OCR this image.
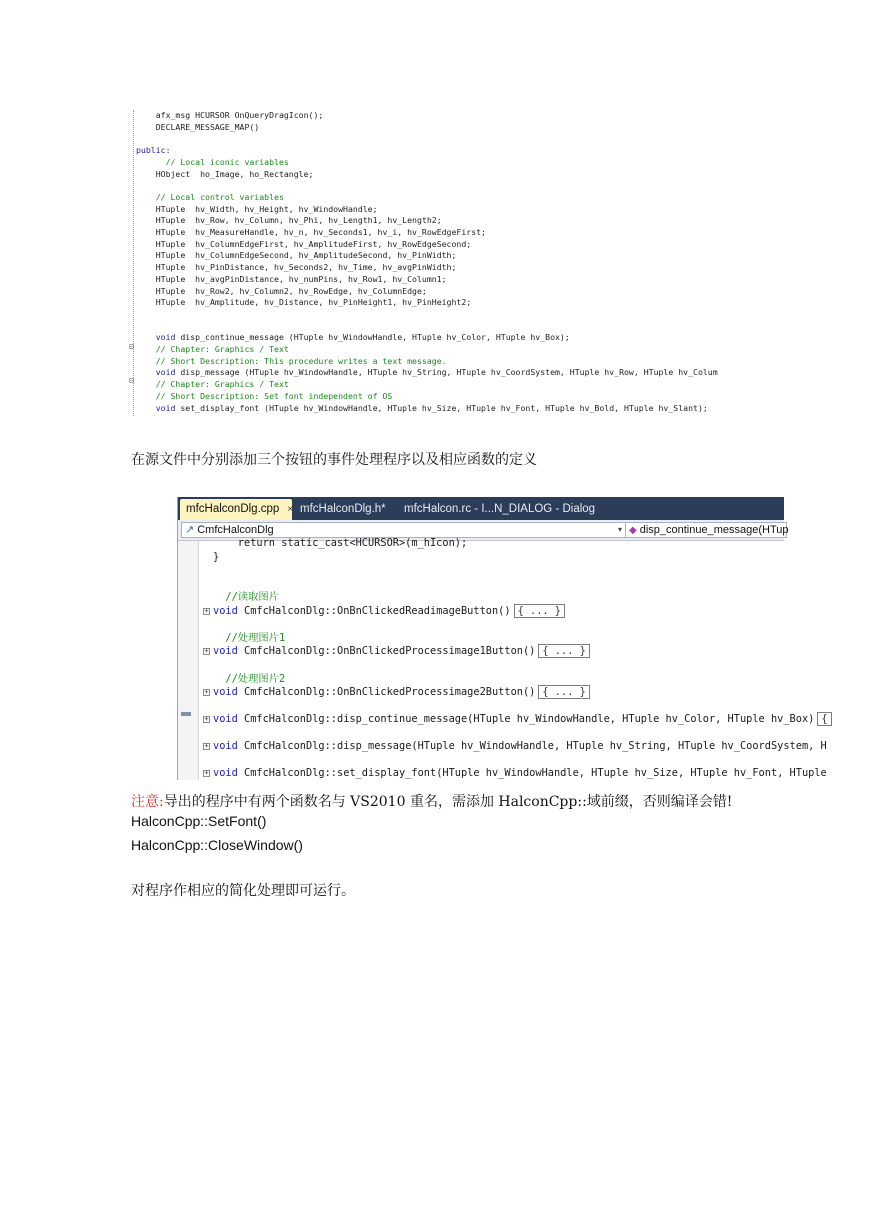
⊟
⊟
afx_msg HCURSOR OnQueryDragIcon();
DECLARE_MESSAGE_MAP()
public:
// Local iconic variables
HObject  ho_Image, ho_Rectangle;
// Local control variables
HTuple  hv_Width, hv_Height, hv_WindowHandle;
HTuple  hv_Row, hv_Column, hv_Phi, hv_Length1, hv_Length2;
HTuple  hv_MeasureHandle, hv_n, hv_Seconds1, hv_i, hv_RowEdgeFirst;
HTuple  hv_ColumnEdgeFirst, hv_AmplitudeFirst, hv_RowEdgeSecond;
HTuple  hv_ColumnEdgeSecond, hv_AmplitudeSecond, hv_PinWidth;
HTuple  hv_PinDistance, hv_Seconds2, hv_Time, hv_avgPinWidth;
HTuple  hv_avgPinDistance, hv_numPins, hv_Row1, hv_Column1;
HTuple  hv_Row2, hv_Column2, hv_RowEdge, hv_ColumnEdge;
HTuple  hv_Amplitude, hv_Distance, hv_PinHeight1, hv_PinHeight2;
void disp_continue_message (HTuple hv_WindowHandle, HTuple hv_Color, HTuple hv_Box);
// Chapter: Graphics / Text
// Short Description: This procedure writes a text message.
void disp_message (HTuple hv_WindowHandle, HTuple hv_String, HTuple hv_CoordSystem, HTuple hv_Row, HTuple hv_Colum
// Chapter: Graphics / Text
// Short Description: Set font independent of OS
void set_display_font (HTuple hv_WindowHandle, HTuple hv_Size, HTuple hv_Font, HTuple hv_Bold, HTuple hv_Slant);
在源文件中分别添加三个按钮的事件处理程序以及相应函数的定义
mfcHalconDlg.cpp × mfcHalconDlg.h*	mfcHalcon.rc - I...N_DIALOG - Dialog
↗ CmfcHalconDlg	▾ ◆ disp_continue_message(HTup
return static_cast<HCURSOR>(m_hIcon);
}
//读取图片
+ void CmfcHalconDlg::OnBnClickedReadimageButton() { ... }
//处理图片1
+ void CmfcHalconDlg::OnBnClickedProcessimage1Button() { ... }
//处理图片2
+ void CmfcHalconDlg::OnBnClickedProcessimage2Button() { ... }
+ void CmfcHalconDlg::disp_continue_message(HTuple hv_WindowHandle, HTuple hv_Color, HTuple hv_Box) {
+ void CmfcHalconDlg::disp_message(HTuple hv_WindowHandle, HTuple hv_String, HTuple hv_CoordSystem, H
+ void CmfcHalconDlg::set_display_font(HTuple hv_WindowHandle, HTuple hv_Size, HTuple hv_Font, HTuple
注意:导出的程序中有两个函数名与 VS2010 重名，需添加 HalconCpp::域前缀，否则编译会错!
HalconCpp::SetFont()
HalconCpp::CloseWindow()
对程序作相应的简化处理即可运行。
